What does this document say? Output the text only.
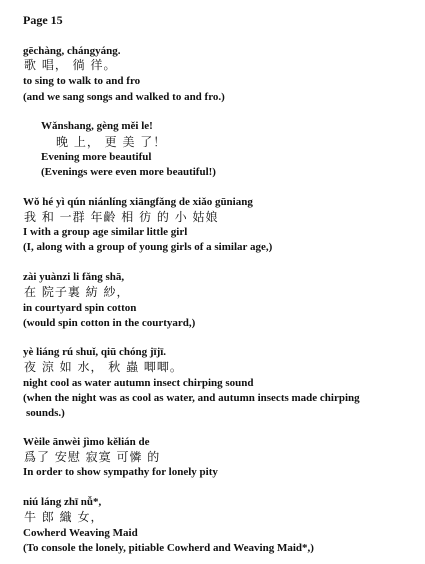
Page 15
gēchàng, chángyáng.
歌 唱， 徜 徉。
to sing to walk to and fro
(and we sang songs and walked to and fro.)
Wǎnshang, gèng měi le!
晚 上， 更 美 了！
Evening more beautiful
(Evenings were even more beautiful!)
Wǒ hé yì qún niánlíng xiāngfǎng de xiǎo gūniang
我 和 一群 年齡 相 彷 的 小 姑娘
I with a group age similar little girl
(I, along with a group of young girls of a similar age,)
zài yuànzi li fǎng shā,
在 院子裏 紡 紗，
in courtyard spin cotton
(would spin cotton in the courtyard,)
yè liáng rú shuǐ, qiū chóng jījī.
夜 涼 如 水， 秋 蟲 唧唧。
night cool as water autumn insect chirping sound
(when the night was as cool as water, and autumn insects made chirping
sounds.)
Wèile ānwèi jìmo kělián de
爲了 安慰 寂寞 可憐 的
In order to show sympathy for lonely pity
niú láng zhī nǚ*,
牛 郎 織 女，
Cowherd Weaving Maid
(To console the lonely, pitiable Cowherd and Weaving Maid*,)
